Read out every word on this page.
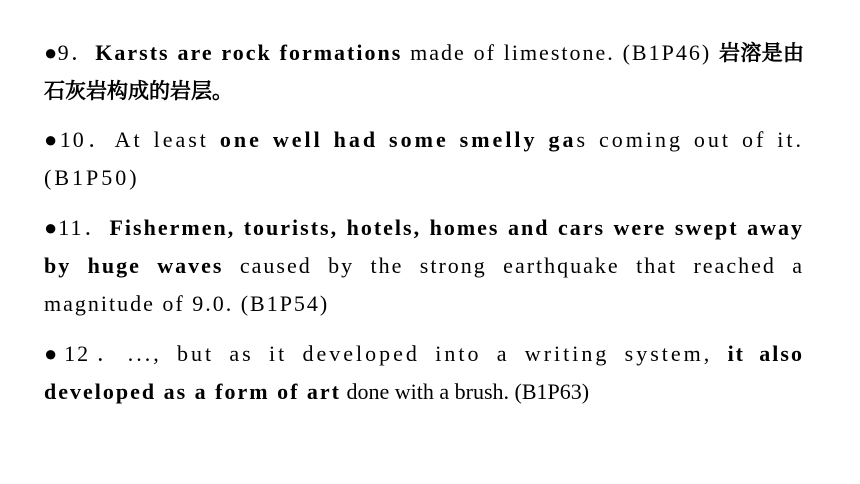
●9．Karsts are rock formations made of limestone. (B1P46) 岩溶是由石灰岩构成的岩层。
●10．At least one well had some smelly gas coming out of it. (B1P50)
●11．Fishermen, tourists, hotels, homes and cars were swept away by huge waves caused by the strong earthquake that reached a magnitude of 9.0. (B1P54)
●12．..., but as it developed into a writing system, it also developed as a form of art done with a brush. (B1P63)
